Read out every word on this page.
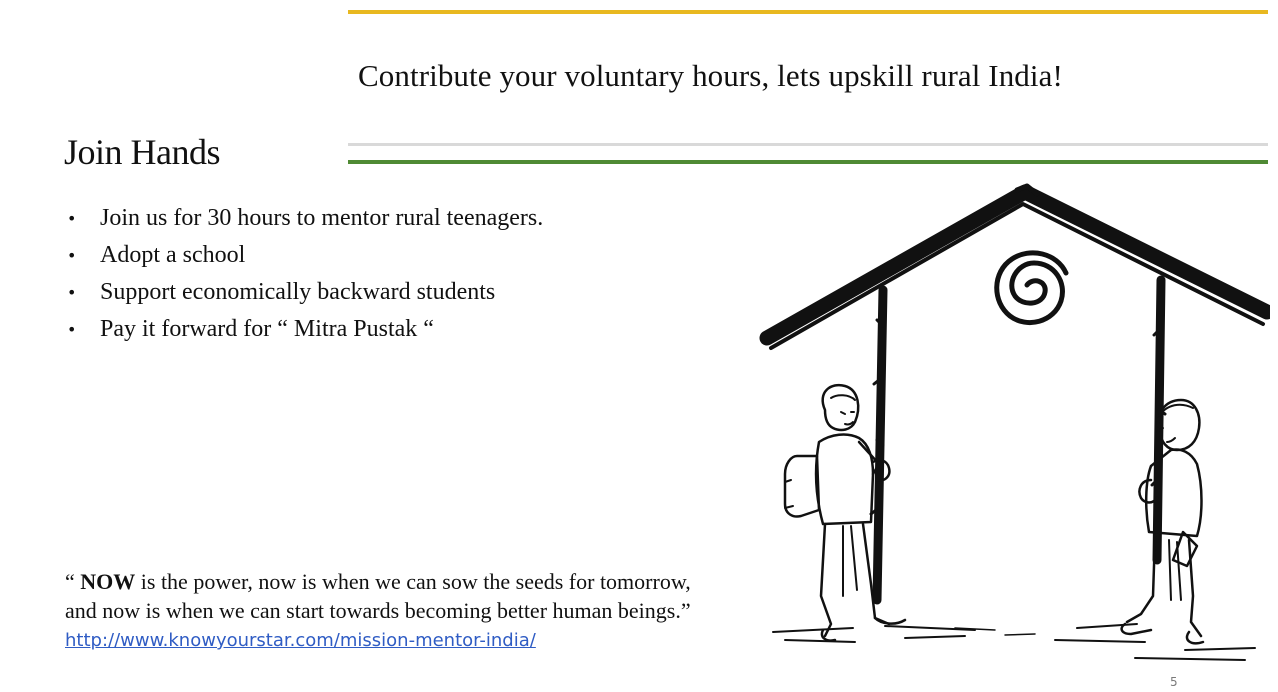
Contribute your voluntary hours, lets upskill rural India!
Join Hands
• Join us for 30 hours to mentor rural teenagers.
• Adopt a school
• Support economically backward students
• Pay it forward for “ Mitra Pustak “
“ NOW is the power, now is when we can sow the seeds for tomorrow,
and now is when we can start towards becoming better human beings.”
http://www.knowyourstar.com/mission-mentor-india/
5
